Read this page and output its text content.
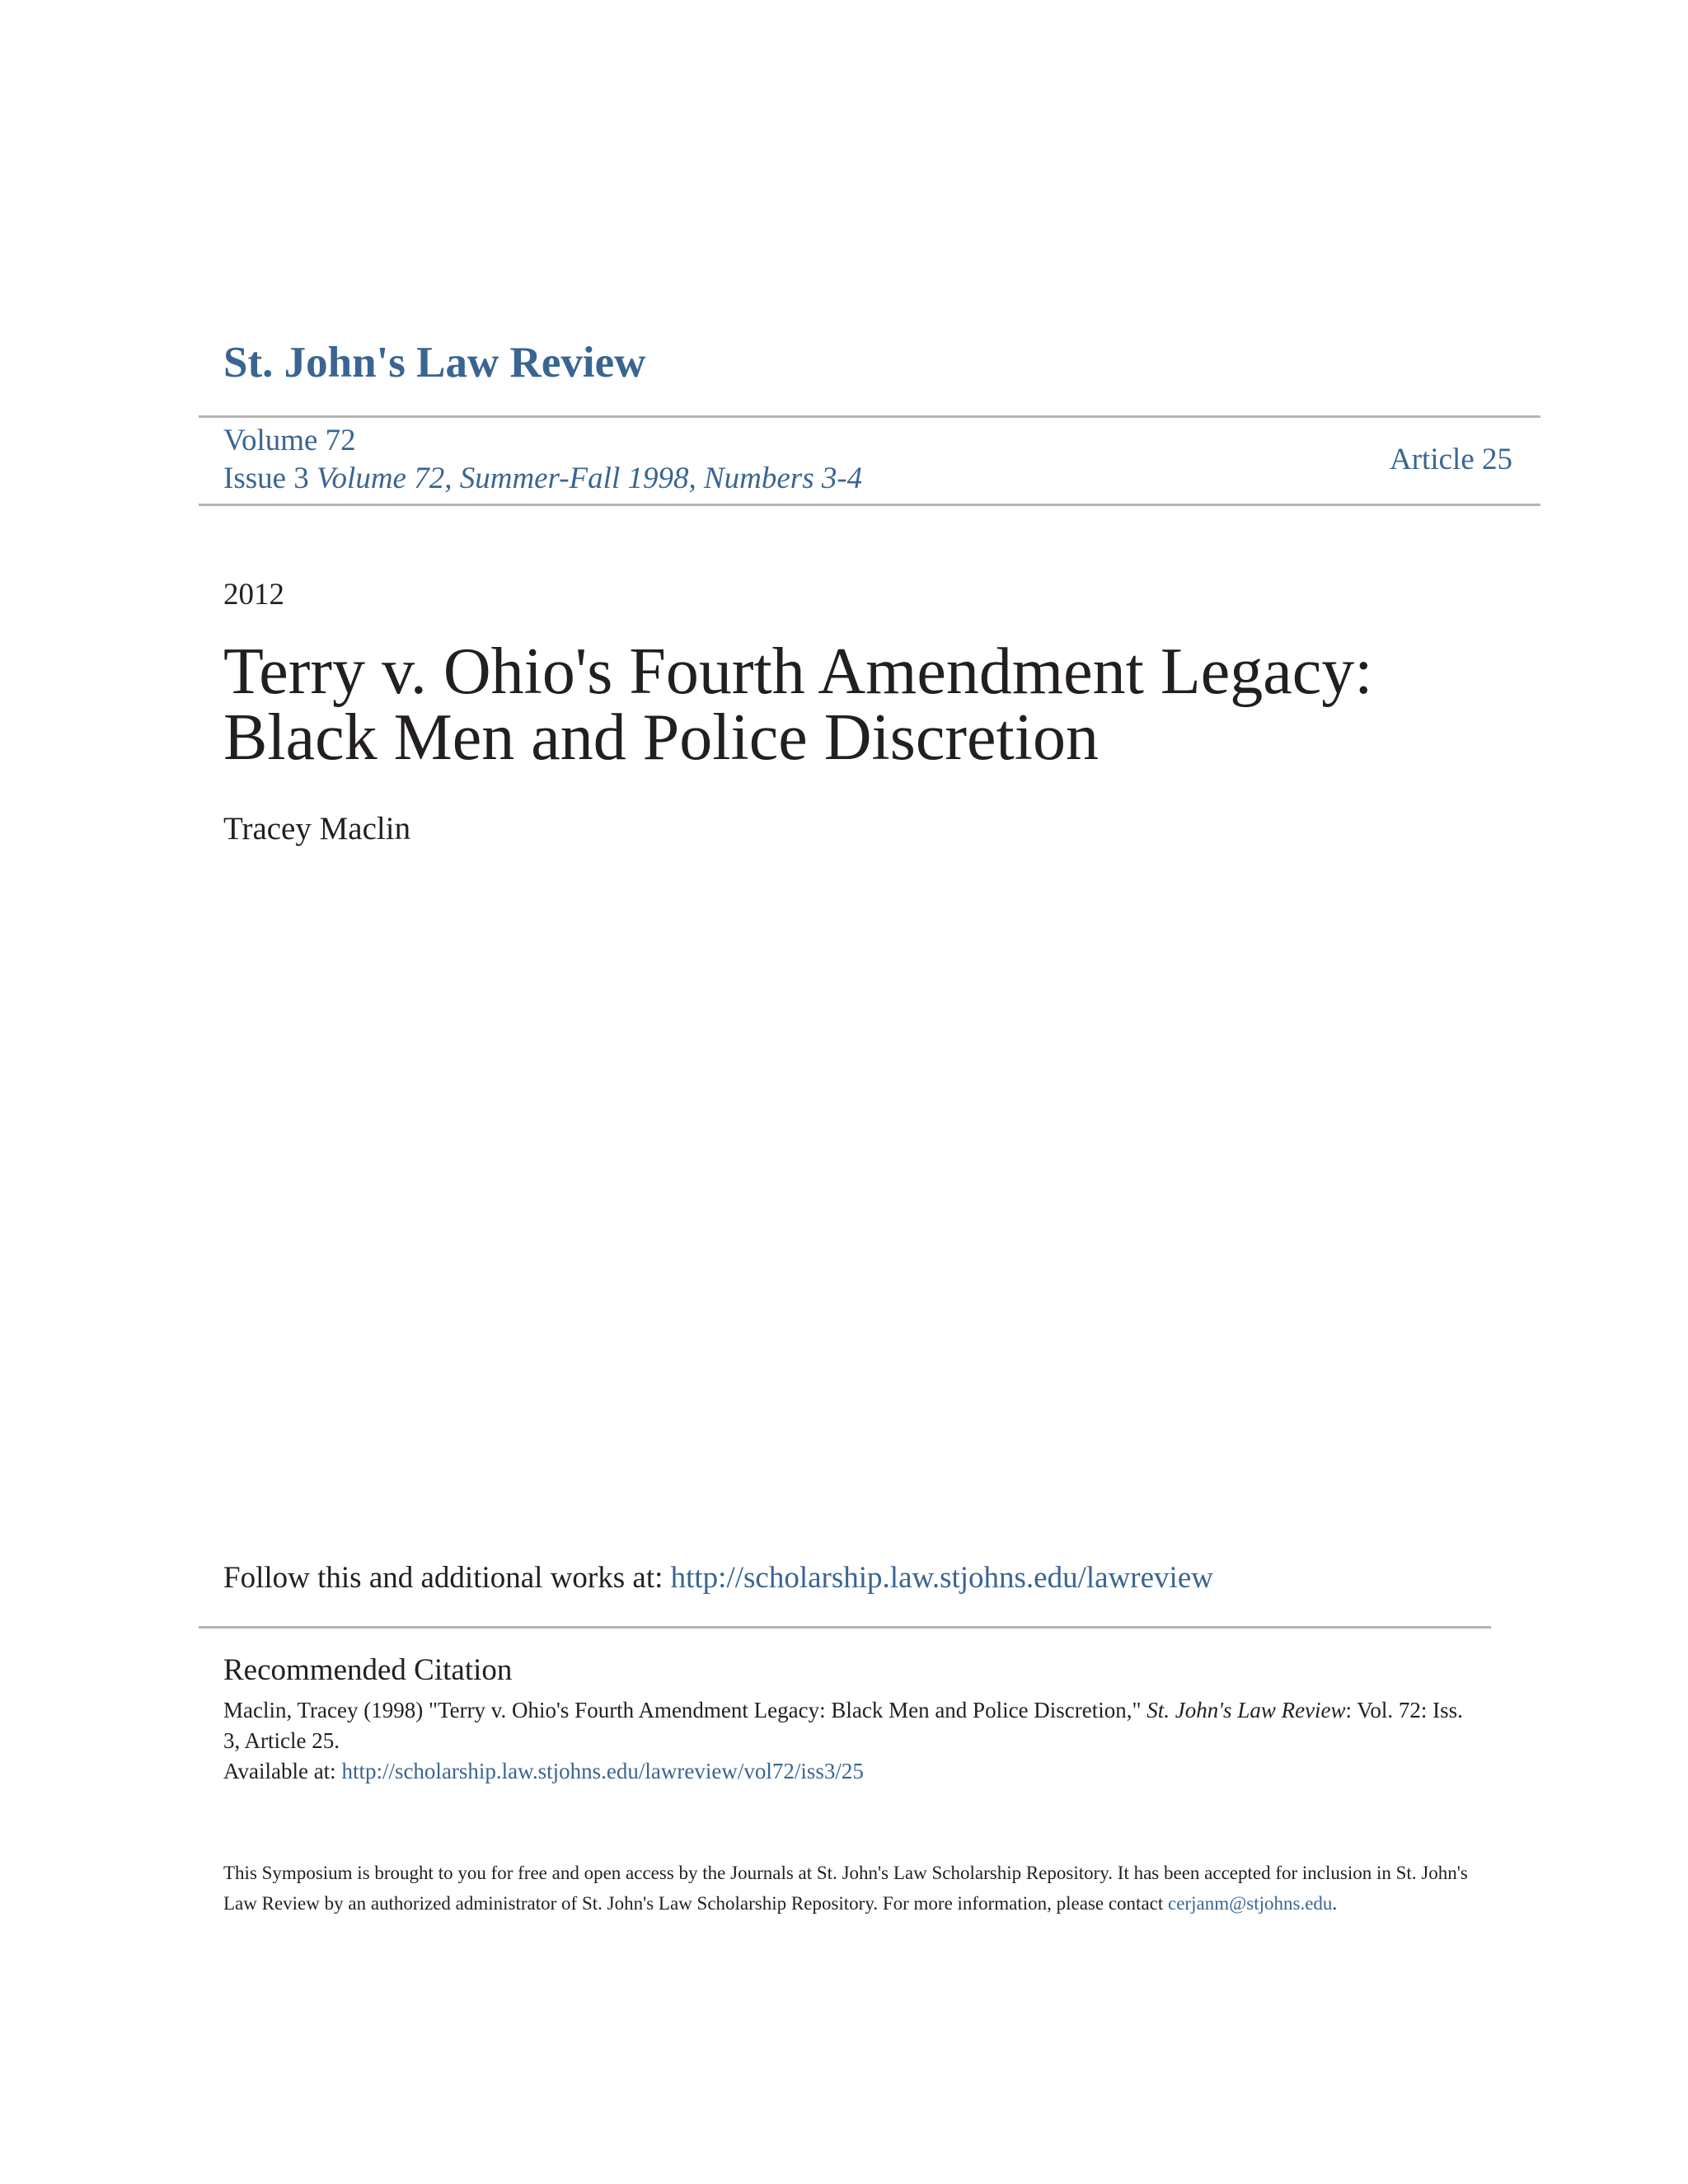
St. John's Law Review
Volume 72
Issue 3 Volume 72, Summer-Fall 1998, Numbers 3-4
Article 25
2012
Terry v. Ohio's Fourth Amendment Legacy: Black Men and Police Discretion
Tracey Maclin
Follow this and additional works at: http://scholarship.law.stjohns.edu/lawreview
Recommended Citation
Maclin, Tracey (1998) "Terry v. Ohio's Fourth Amendment Legacy: Black Men and Police Discretion," St. John's Law Review: Vol. 72: Iss. 3, Article 25.
Available at: http://scholarship.law.stjohns.edu/lawreview/vol72/iss3/25
This Symposium is brought to you for free and open access by the Journals at St. John's Law Scholarship Repository. It has been accepted for inclusion in St. John's Law Review by an authorized administrator of St. John's Law Scholarship Repository. For more information, please contact cerjanm@stjohns.edu.
